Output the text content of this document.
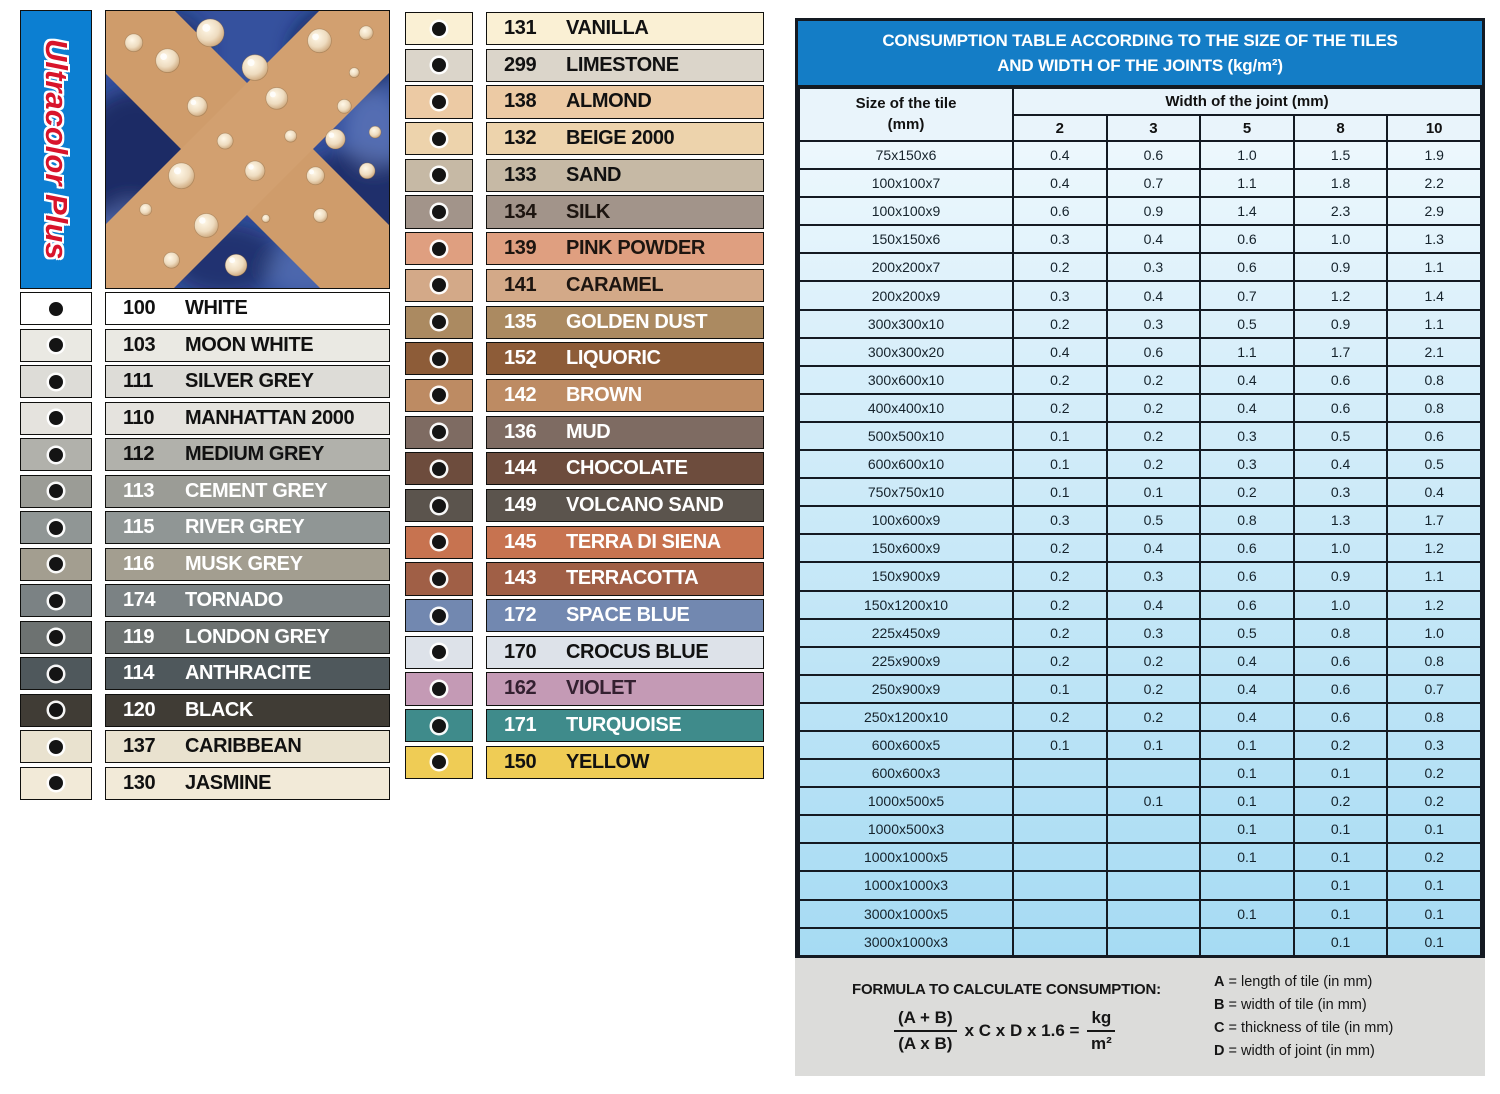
Ultracolor Plus
100	WHITE
103	MOON WHITE
111	SILVER GREY
110	MANHATTAN 2000
112	MEDIUM GREY
113	CEMENT GREY
115	RIVER GREY
116	MUSK GREY
174	TORNADO
119	LONDON GREY
114	ANTHRACITE
120	BLACK
137	CARIBBEAN
130	JASMINE
131	VANILLA
299	LIMESTONE
138	ALMOND
132	BEIGE 2000
133	SAND
134	SILK
139	PINK POWDER
141	CARAMEL
135	GOLDEN DUST
152	LIQUORIC
142	BROWN
136	MUD
144	CHOCOLATE
149	VOLCANO SAND
145	TERRA DI SIENA
143	TERRACOTTA
172	SPACE BLUE
170	CROCUS BLUE
162	VIOLET
171	TURQUOISE
150	YELLOW
CONSUMPTION TABLE ACCORDING TO THE SIZE OF THE TILES
AND WIDTH OF THE JOINTS (kg/m²)
Size of the tile
(mm)	Width of the joint (mm)				
	2	3	5	8	10
75x150x6	0.4	0.6	1.0	1.5	1.9
100x100x7	0.4	0.7	1.1	1.8	2.2
100x100x9	0.6	0.9	1.4	2.3	2.9
150x150x6	0.3	0.4	0.6	1.0	1.3
200x200x7	0.2	0.3	0.6	0.9	1.1
200x200x9	0.3	0.4	0.7	1.2	1.4
300x300x10	0.2	0.3	0.5	0.9	1.1
300x300x20	0.4	0.6	1.1	1.7	2.1
300x600x10	0.2	0.2	0.4	0.6	0.8
400x400x10	0.2	0.2	0.4	0.6	0.8
500x500x10	0.1	0.2	0.3	0.5	0.6
600x600x10	0.1	0.2	0.3	0.4	0.5
750x750x10	0.1	0.1	0.2	0.3	0.4
100x600x9	0.3	0.5	0.8	1.3	1.7
150x600x9	0.2	0.4	0.6	1.0	1.2
150x900x9	0.2	0.3	0.6	0.9	1.1
150x1200x10	0.2	0.4	0.6	1.0	1.2
225x450x9	0.2	0.3	0.5	0.8	1.0
225x900x9	0.2	0.2	0.4	0.6	0.8
250x900x9	0.1	0.2	0.4	0.6	0.7
250x1200x10	0.2	0.2	0.4	0.6	0.8
600x600x5	0.1	0.1	0.1	0.2	0.3
600x600x3			0.1	0.1	0.2
1000x500x5		0.1	0.1	0.2	0.2
1000x500x3			0.1	0.1	0.1
1000x1000x5			0.1	0.1	0.2
1000x1000x3				0.1	0.1
3000x1000x5			0.1	0.1	0.1
3000x1000x3				0.1	0.1
FORMULA TO CALCULATE CONSUMPTION:
$\frac{(A + B)}{\text{(A x B)}}$ x C x D x $1.6 = \frac{kg}{\text{m²}}$
A = length of tile (in mm)
B = width of tile (in mm)
C = thickness of tile (in mm)
D = width of joint (in mm)
